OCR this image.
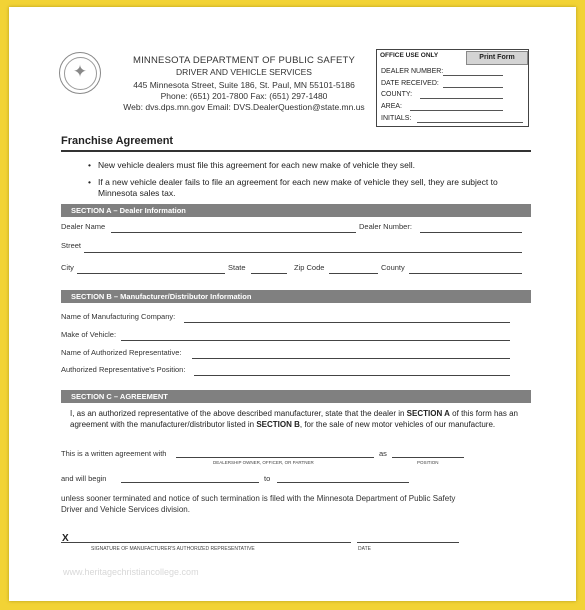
✦
MINNESOTA DEPARTMENT OF PUBLIC SAFETY
DRIVER AND VEHICLE SERVICES
445 Minnesota Street, Suite 186, St. Paul, MN 55101-5186
Phone: (651) 201-7800 Fax: (651) 297-1480
Web: dvs.dps.mn.gov Email: DVS.DealerQuestion@state.mn.us
OFFICE USE ONLY	Print Form
DEALER NUMBER:
DATE RECEIVED:
COUNTY:
AREA:
INITIALS:
Franchise Agreement
• New vehicle dealers must file this agreement for each new make of vehicle they sell.
• If a new vehicle dealer fails to file an agreement for each new make of vehicle they sell, they are subject to Minnesota sales tax.
SECTION A – Dealer Information
Dealer Name	Dealer Number:
Street
City	State	Zip Code	County
SECTION B – Manufacturer/Distributor Information
Name of Manufacturing Company:
Make of Vehicle:
Name of Authorized Representative:
Authorized Representative's Position:
SECTION C – AGREEMENT
I, as an authorized representative of the above described manufacturer, state that the dealer in SECTION A of this form has an agreement with the manufacturer/distributor listed in SECTION B, for the sale of new motor vehicles of our manufacture.
This is a written agreement with
DEALERSHIP OWNER, OFFICER, OR PARTNER
as
POSITION
and will begin	to
unless sooner terminated and notice of such termination is filed with the Minnesota Department of Public Safety
Driver and Vehicle Services division.
X
SIGNATURE OF MANUFACTURER'S AUTHORIZED REPRESENTATIVE	DATE
www.heritagechristiancollege.com
